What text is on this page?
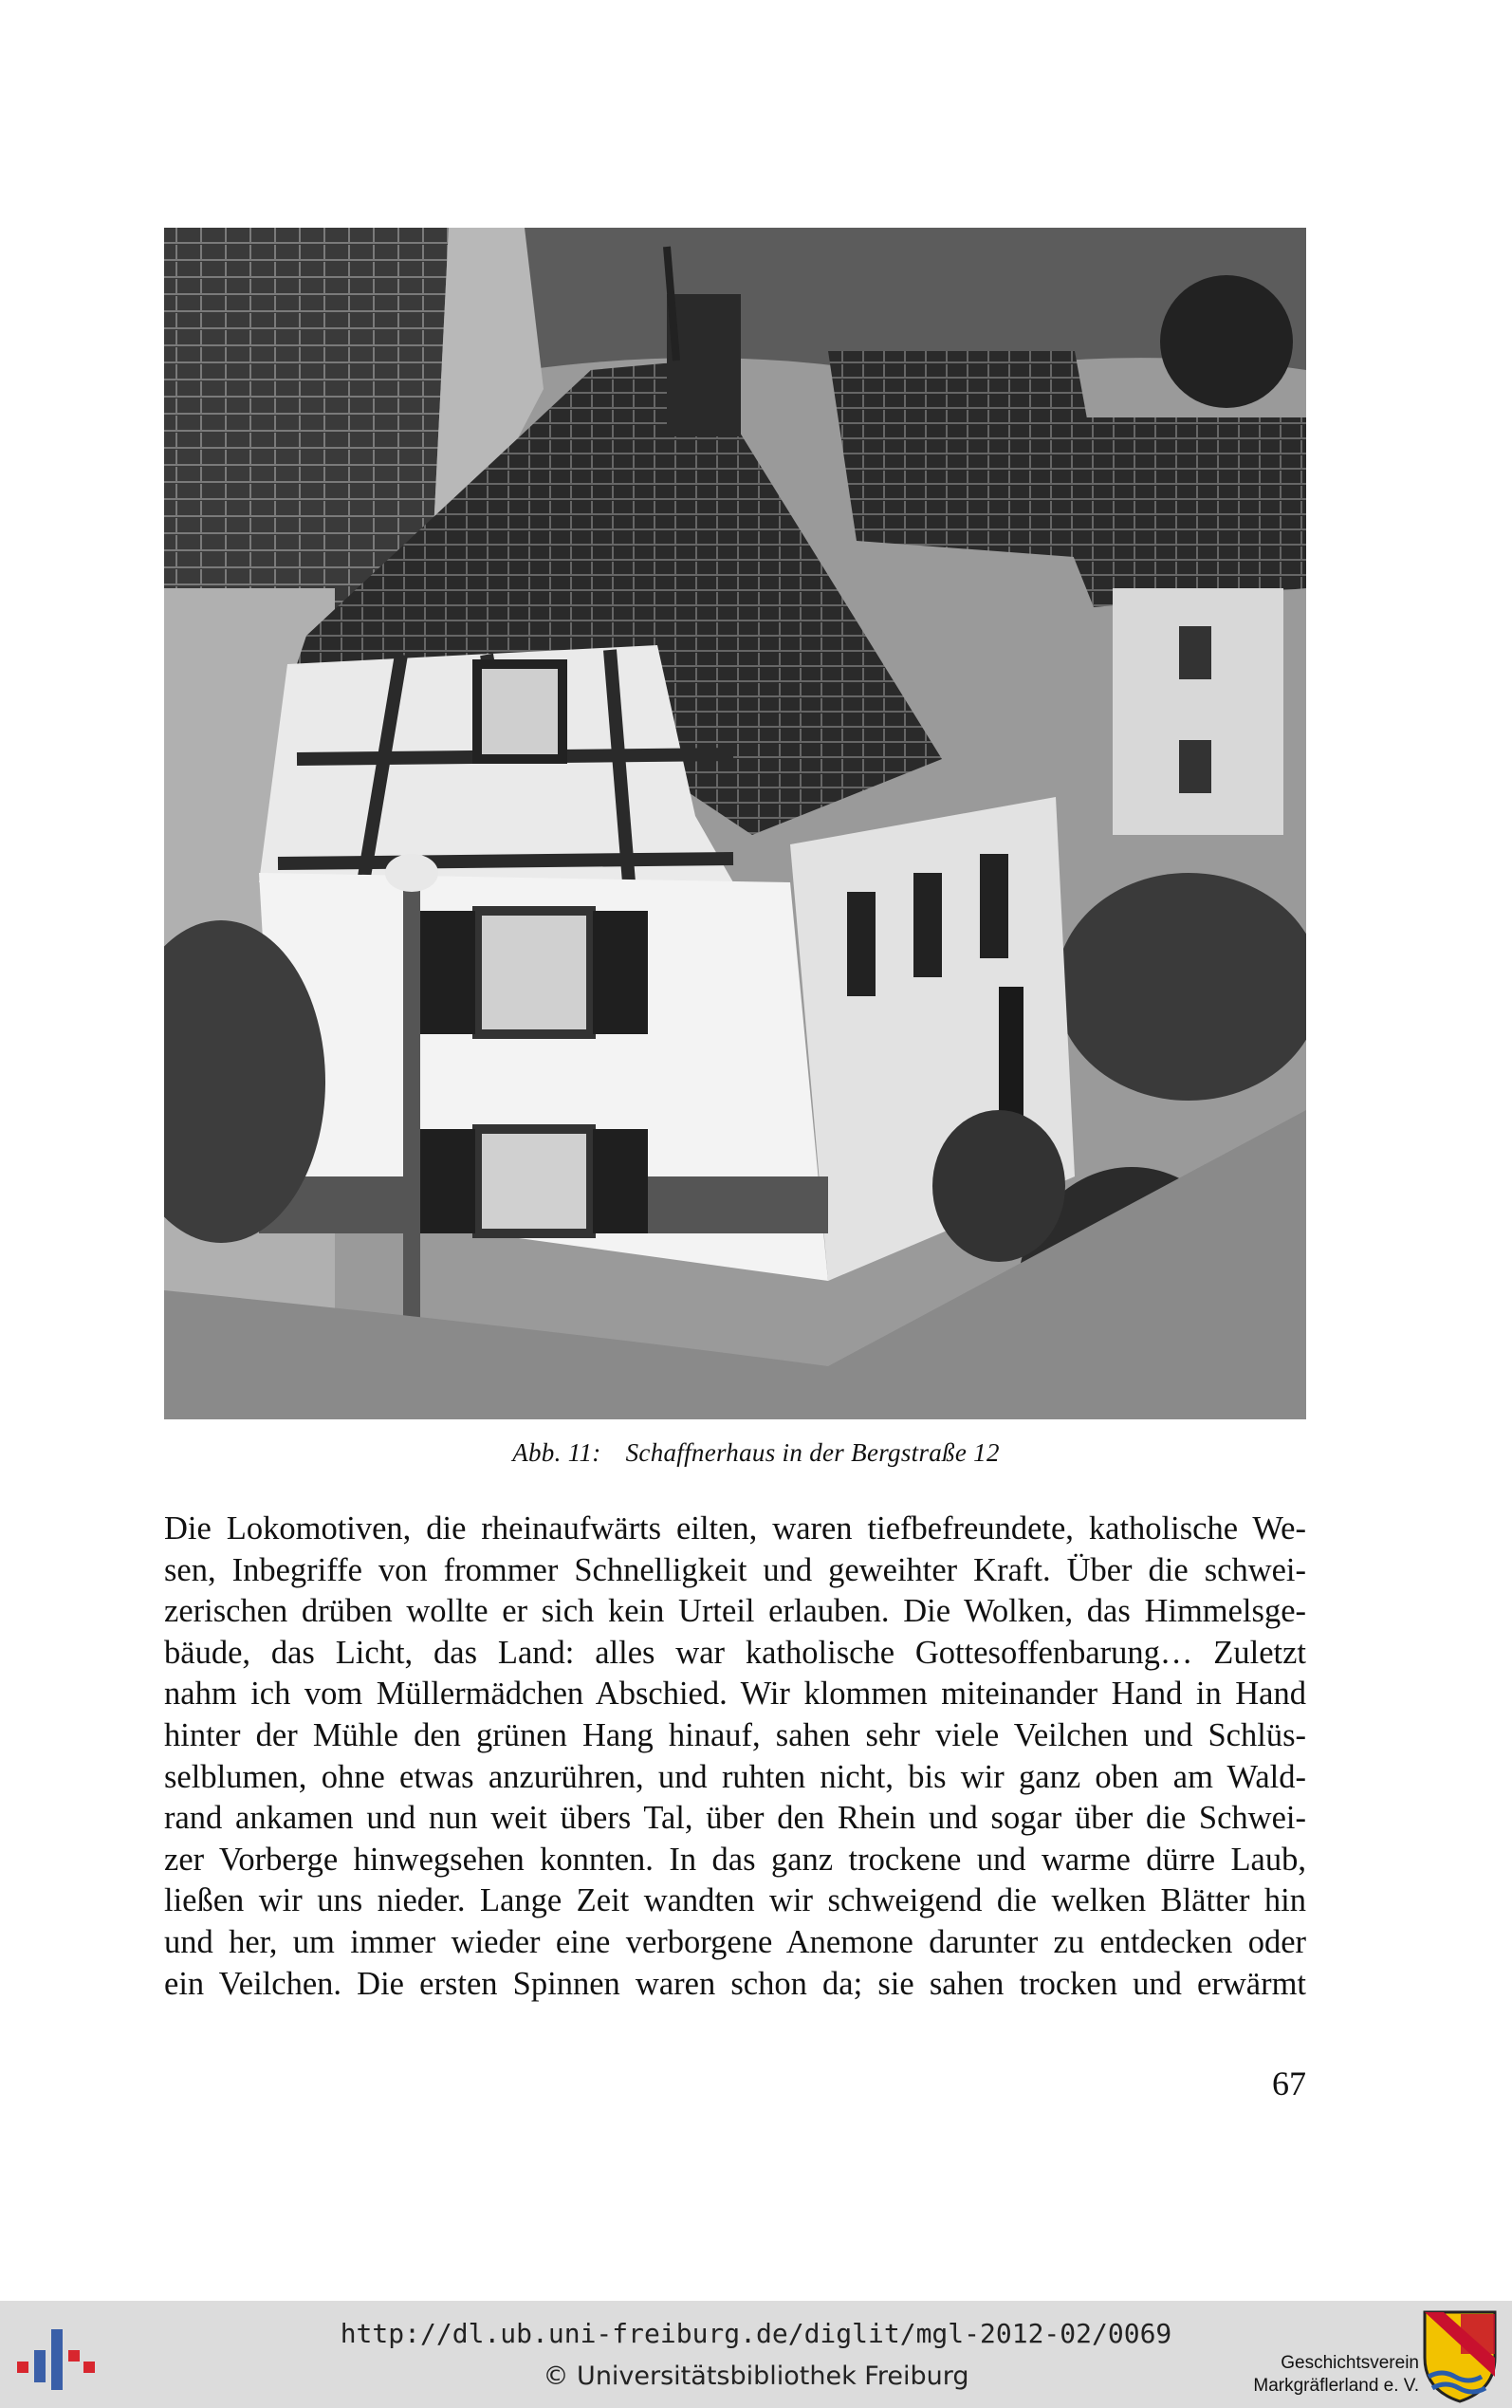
Abb. 11: Schaffnerhaus in der Bergstraße 12
Die Lokomotiven, die rheinaufwärts eilten, waren tiefbefreundete, katholische We-
sen, Inbegriffe von frommer Schnelligkeit und geweihter Kraft. Über die schwei-
zerischen drüben wollte er sich kein Urteil erlauben. Die Wolken, das Himmelsge-
bäude, das Licht, das Land: alles war katholische Gottesoffenbarung… Zuletzt
nahm ich vom Müllermädchen Abschied. Wir klommen miteinander Hand in Hand
hinter der Mühle den grünen Hang hinauf, sahen sehr viele Veilchen und Schlüs-
selblumen, ohne etwas anzurühren, und ruhten nicht, bis wir ganz oben am Wald-
rand ankamen und nun weit übers Tal, über den Rhein und sogar über die Schwei-
zer Vorberge hinwegsehen konnten. In das ganz trockene und warme dürre Laub,
ließen wir uns nieder. Lange Zeit wandten wir schweigend die welken Blätter hin
und her, um immer wieder eine verborgene Anemone darunter zu entdecken oder
ein Veilchen. Die ersten Spinnen waren schon da; sie sahen trocken und erwärmt
67
http://dl.ub.uni-freiburg.de/diglit/mgl-2012-02/0069
© Universitätsbibliothek Freiburg	Geschichtsverein
Markgräflerland e. V.
